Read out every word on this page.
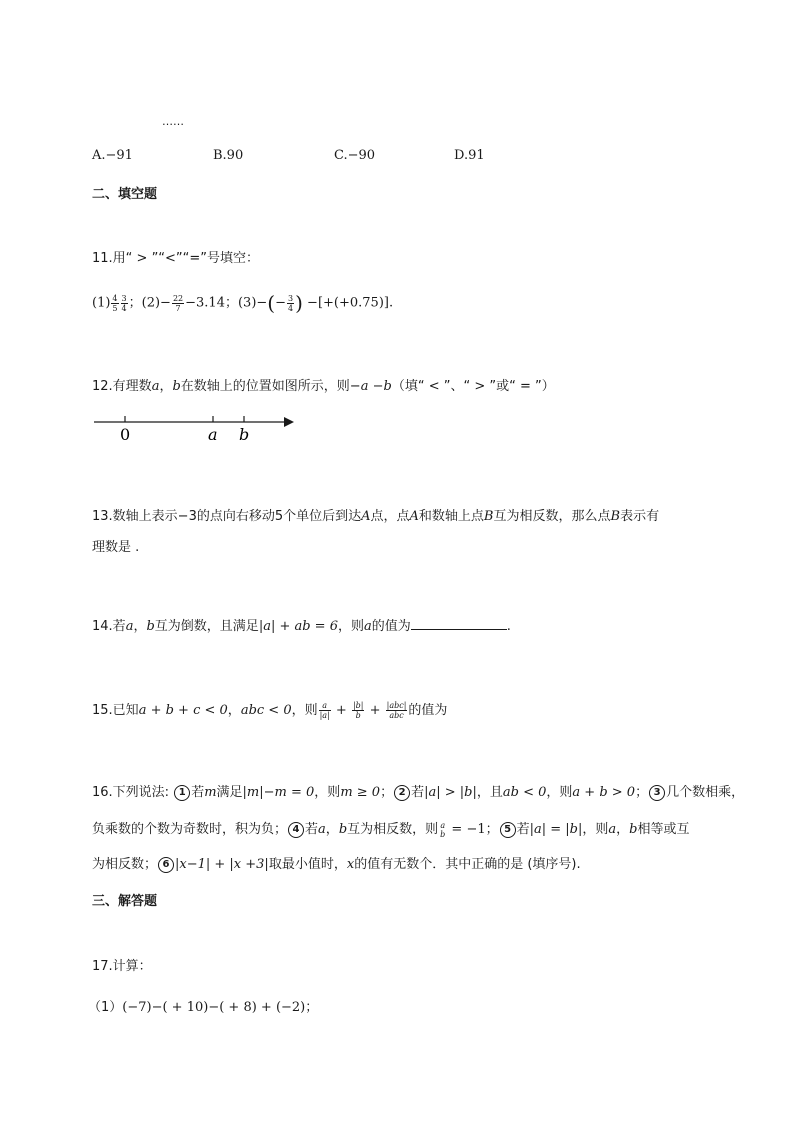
……
A.−91	B.90	C.−90	D.91
二、填空题
11.用“ > ”“<”“=”号填空：
$(1) \frac{4}{5} \frac{3}{4}$ ；$(2)- \frac{22}{7} -3.14$；$(3)-(- \frac{3}{4}$ ) −[+(+0.75)].
12.有理数a，b在数轴上的位置如图所示，则−a −b（填“ < ”、“ > ”或“ = ”）
0	a b
13.数轴上表示−3的点向右移动5个单位后到达A点，点A和数轴上点B互为相反数，那么点B表示有
理数是 .
14.若a，b互为倒数，且满足|a| + ab = 6，则a的值为	.
15.已知a + b + c < 0，abc < 0，则 $\frac{a}{|a|} + \frac{|b|}{b} + \frac{\text{|abc|}}{\text{abc}}$ 的值为
16.下列说法: 1 若m满足|m|−m = 0，则m ≥ 0； 2 若|a| > |b|，且ab < 0，则a + b > 0； 3 几个数相乘，
负乘数的个数为奇数时，积为负； 4 若a，b互为相反数，则 a
b = −1； 5 若|a| = |b|，则a，b相等或互
为相反数； 6 |x−1| + |x +3|取最小值时，x的值有无数个．其中正确的是 (填序号).
三、解答题
17.计算：
（1）(−7)−( + 10)−( + 8) + (−2)；
